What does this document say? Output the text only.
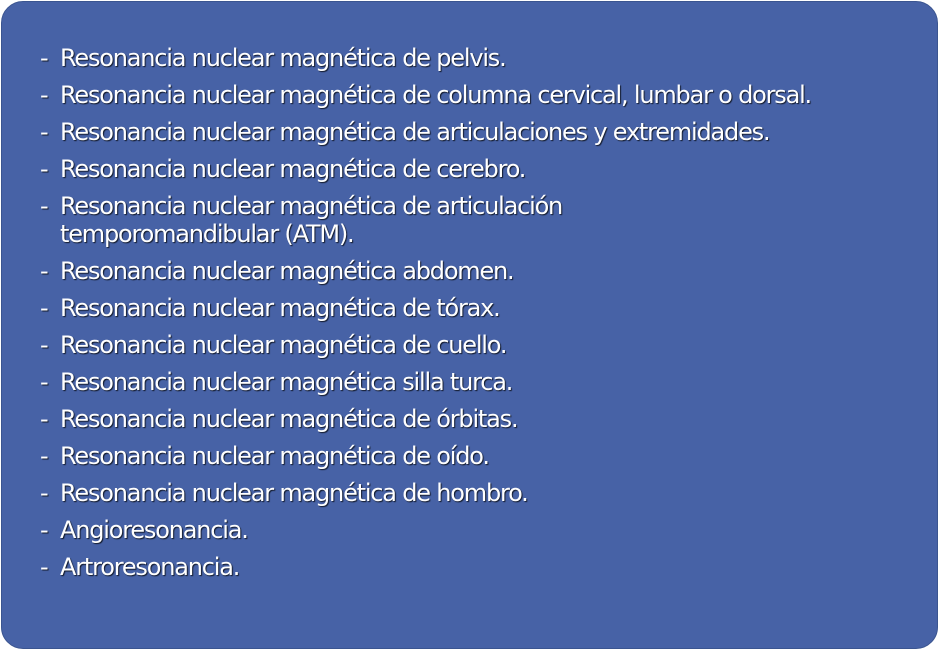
- Resonancia nuclear magnética de pelvis.
- Resonancia nuclear magnética de columna cervical, lumbar o dorsal.
- Resonancia nuclear magnética de articulaciones y extremidades.
- Resonancia nuclear magnética de cerebro.
- Resonancia nuclear magnética de articulación temporomandibular (ATM).
- Resonancia nuclear magnética abdomen.
- Resonancia nuclear magnética de tórax.
- Resonancia nuclear magnética de cuello.
- Resonancia nuclear magnética silla turca.
- Resonancia nuclear magnética de órbitas.
- Resonancia nuclear magnética de oído.
- Resonancia nuclear magnética de hombro.
- Angioresonancia.
- Artroresonancia.
